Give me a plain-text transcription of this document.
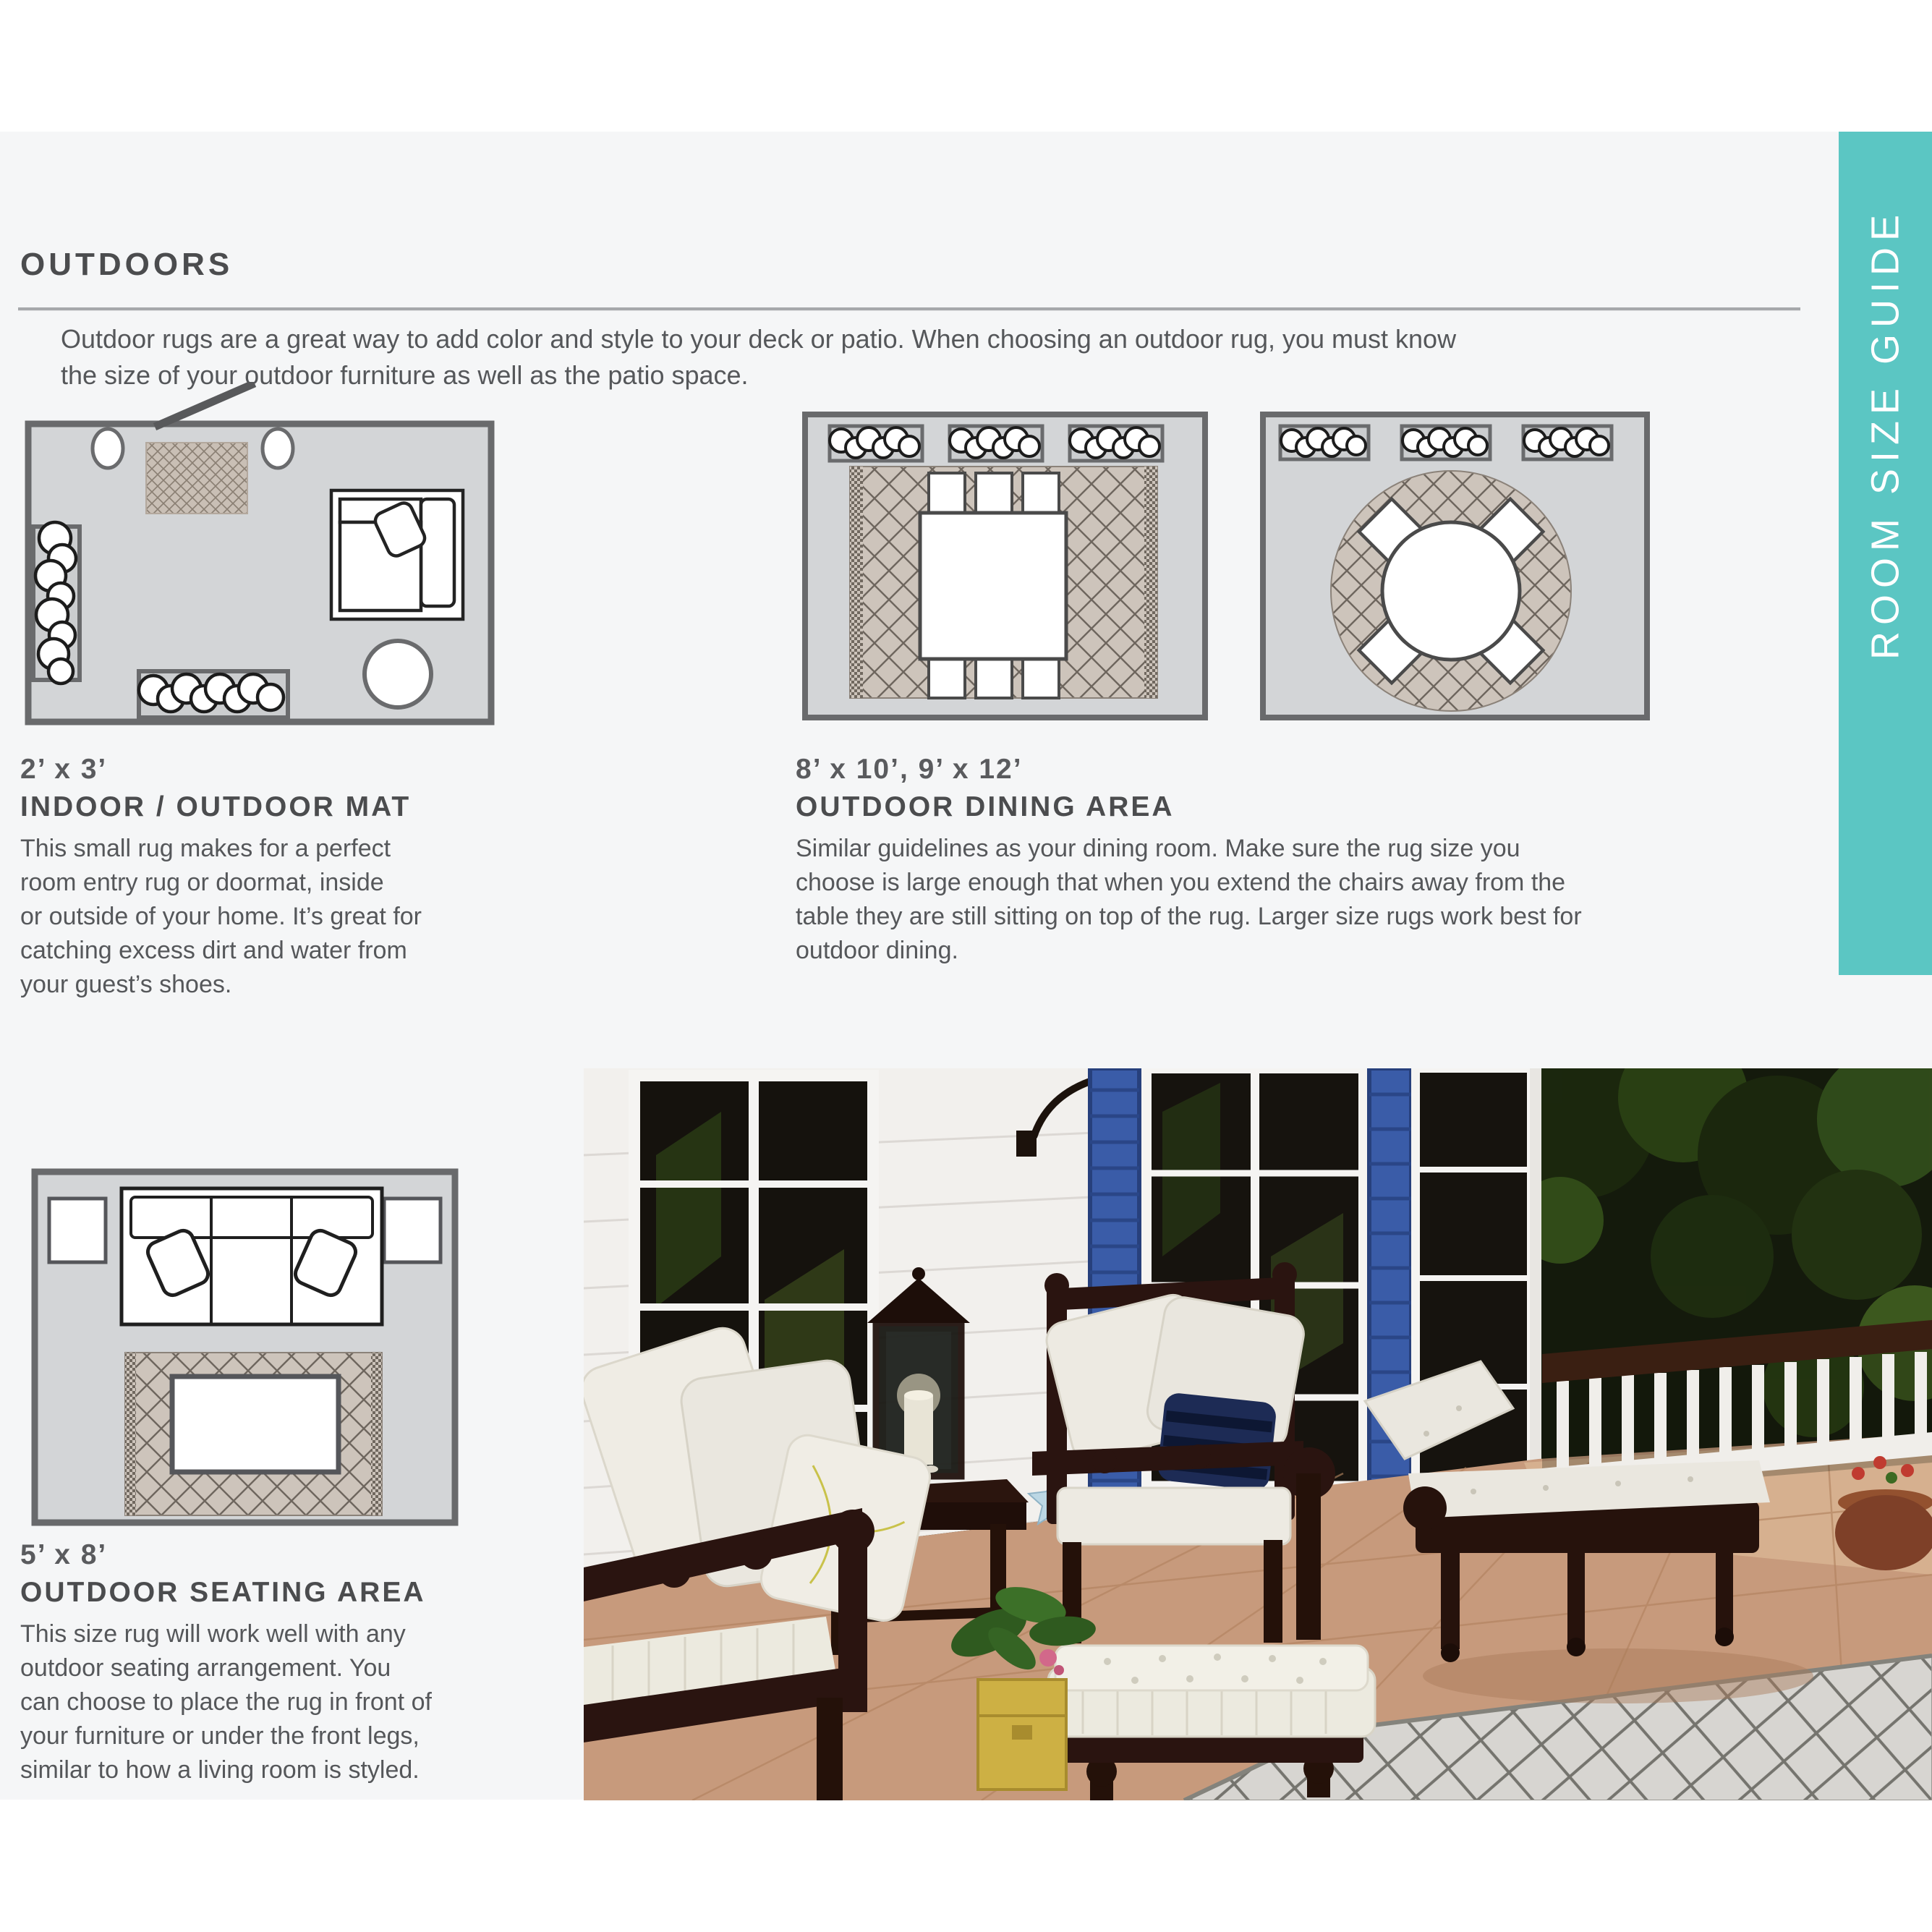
ROOM SIZE GUIDE
OUTDOORS
Outdoor rugs are a great way to add color and style to your deck or patio. When choosing an outdoor rug, you must know
the size of your outdoor furniture as well as the patio space.
2’ x 3’
INDOOR / OUTDOOR MAT
This small rug makes for a perfect
room entry rug or doormat, inside
or outside of your home. It’s great for
catching excess dirt and water from
your guest’s shoes.
8’ x 10’, 9’ x 12’
OUTDOOR DINING AREA
Similar guidelines as your dining room. Make sure the rug size you
choose is large enough that when you extend the chairs away from the
table they are still sitting on top of the rug. Larger size rugs work best for
outdoor dining.
5’ x 8’
OUTDOOR SEATING AREA
This size rug will work well with any
outdoor seating arrangement. You
can choose to place the rug in front of
your furniture or under the front legs,
similar to how a living room is styled.
